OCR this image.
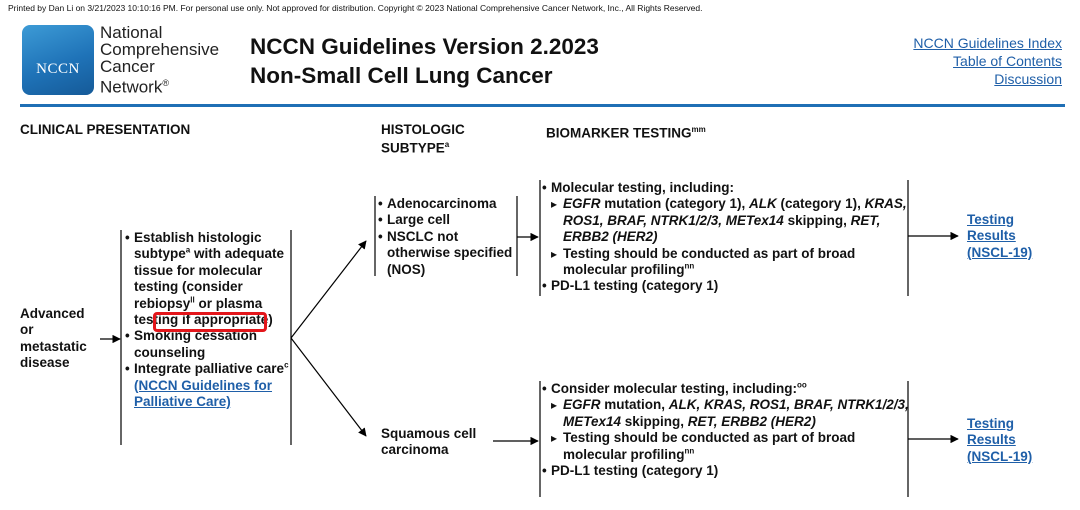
Printed by Dan Li on 3/21/2023 10:10:16 PM. For personal use only. Not approved for distribution. Copyright © 2023 National Comprehensive Cancer Network, Inc., All Rights Reserved.
NCCN
National
Comprehensive
Cancer
Network®
NCCN Guidelines Version 2.2023
Non-Small Cell Lung Cancer
NCCN Guidelines Index
Table of Contents
Discussion
CLINICAL PRESENTATION	HISTOLOGIC
SUBTYPE$^a$
BIOMARKER $TESTING^{mm}$
Advanced
or
metastatic
disease
• Establish histologic subtype$^a$ with adequate tissue for molecular testing (consider rebiopsy$^{ll}$ or plasma testing if appropriate)
• Smoking cessation counseling
• Integrate palliative care$^c$ (NCCN Guidelines for Palliative Care)
• Adenocarcinoma
• Large cell
• NSCLC not otherwise specified (NOS)
Squamous cell
carcinoma
• Molecular testing, including:
▸ EGFR mutation (category 1), ALK (category 1), KRAS, ROS1, BRAF, NTRK1/2/3, METex14 skipping, RET, ERBB2 (HER2)
▸ Testing should be conducted as part of broad molecular profiling$^{nn}$
• PD-L1 testing (category 1)
• Consider molecular testing, including:$^{oo}$
▸ EGFR mutation, ALK, KRAS, ROS1, BRAF, NTRK1/2/3, METex14 skipping, RET, ERBB2 (HER2)
▸ Testing should be conducted as part of broad molecular profiling$^{nn}$
• PD-L1 testing (category 1)
Testing
Results
(NSCL-19)
Testing
Results
(NSCL-19)
